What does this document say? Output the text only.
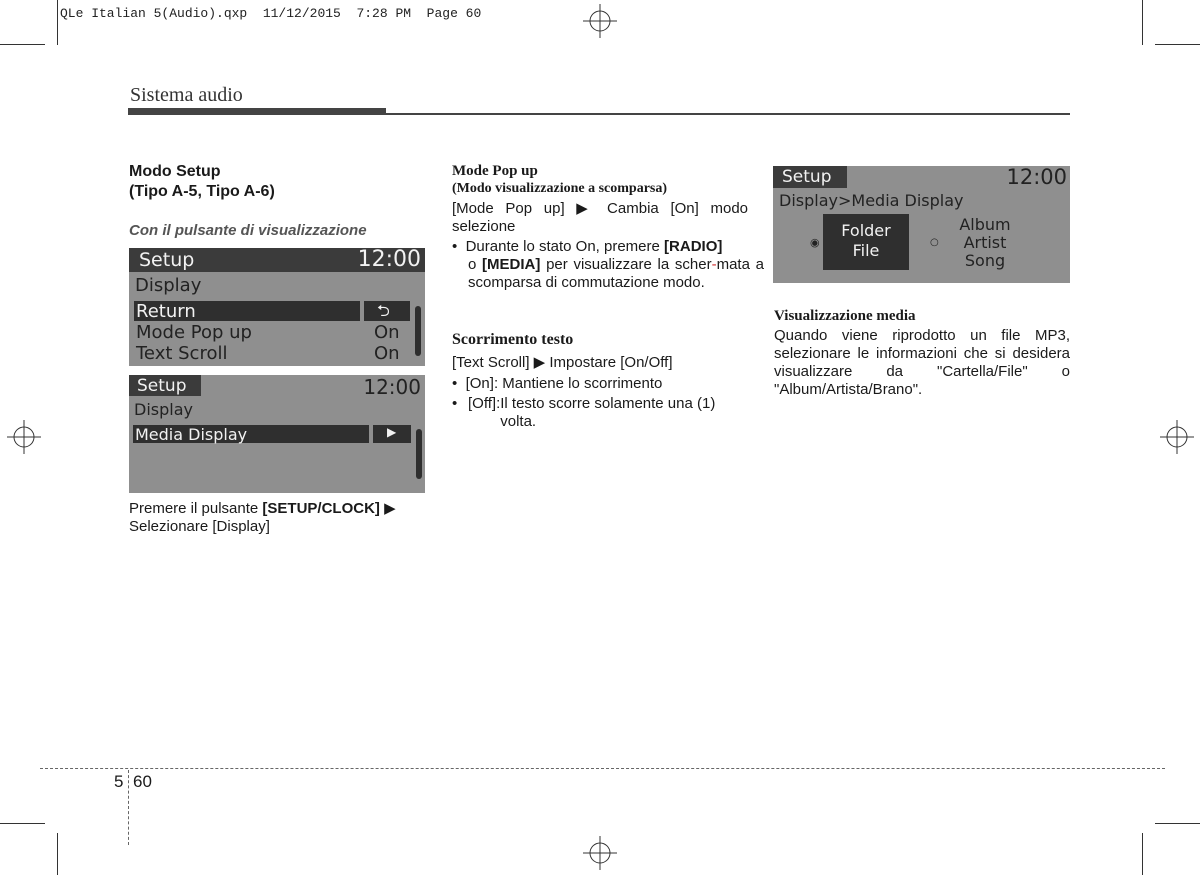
QLe Italian 5(Audio).qxp  11/12/2015  7:28 PM  Page 60
Sistema audio
Modo Setup
(Tipo A-5, Tipo A-6)
Con il pulsante di visualizzazione
Setup	12:00
Display
Return	⮌
Mode Pop up	On
Text Scroll	On
Setup	12:00
Display
Media Display	▶
Premere il pulsante [SETUP/CLOCK] ▶
Selezionare [Display]
Mode Pop up
(Modo visualizzazione a scomparsa)
[Mode Pop up] ▶ Cambia [On] modo selezione
•  Durante lo stato On, premere [RADIO]
o [MEDIA] per visualizzare la scher-mata a scomparsa di commutazione modo.
Scorrimento testo
[Text Scroll] ▶ Impostare [On/Off]
•  [On]: Mantiene lo scorrimento
• [Off]: Il testo scorre solamente una (1) volta.
Setup	12:00
Display>Media Display
◉
Folder
File	○
Album
Artist
Song
Visualizzazione media
Quando viene riprodotto un file MP3, selezionare le informazioni che si desidera visualizzare da "Cartella/File" o "Album/Artista/Brano".
5 60
